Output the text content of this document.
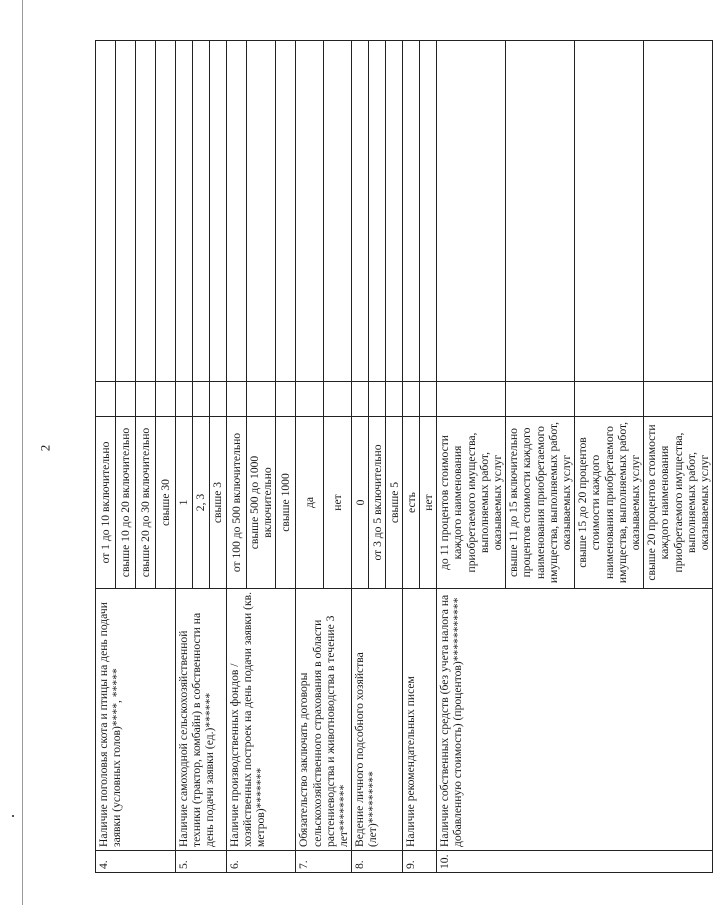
2
4.	Наличие поголовья скота и птицы на день подачи заявки (условных голов)****, *****	от 1 до 10 включительно		
		свыше 10 до 20 включительно		
		свыше 20 до 30 включительно		
		свыше 30		
5.	Наличие самоходной сельскохозяйственной техники (трактор, комбайн) в собственности на день подачи заявки (ед.)******	1		
		2, 3		
		свыше 3		
6.	Наличие производственных фондов / хозяйственных построек на день подачи заявки (кв. метров)*******	от 100 до 500 включительно		
		свыше 500 до 1000 включительно		
		свыше 1000		
7.	Обязательство заключать договоры сельскохозяйственного страхования в области растениеводства и животноводства в течение 3 лет********	да		
		нет		
8.	Ведение личного подсобного хозяйства (лет)*********	0		
		от 3 до 5 включительно		
		свыше 5		
9.	Наличие рекомендательных писем	есть		
		нет		
10.	Наличие собственных средств (без учета налога на добавленную стоимость) (процентов)***********	до 11 процентов стоимости каждого наименования приобретаемого имущества, выполняемых работ, оказываемых услуг		
		свыше 11 до 15 включительно процентов стоимости каждого наименования приобретаемого имущества, выполняемых работ, оказываемых услуг		
		свыше 15 до 20 процентов стоимости каждого наименования приобретаемого имущества, выполняемых работ, оказываемых услуг		
		свыше 20 процентов стоимости каждого наименования приобретаемого имущества, выполняемых работ, оказываемых услуг		
